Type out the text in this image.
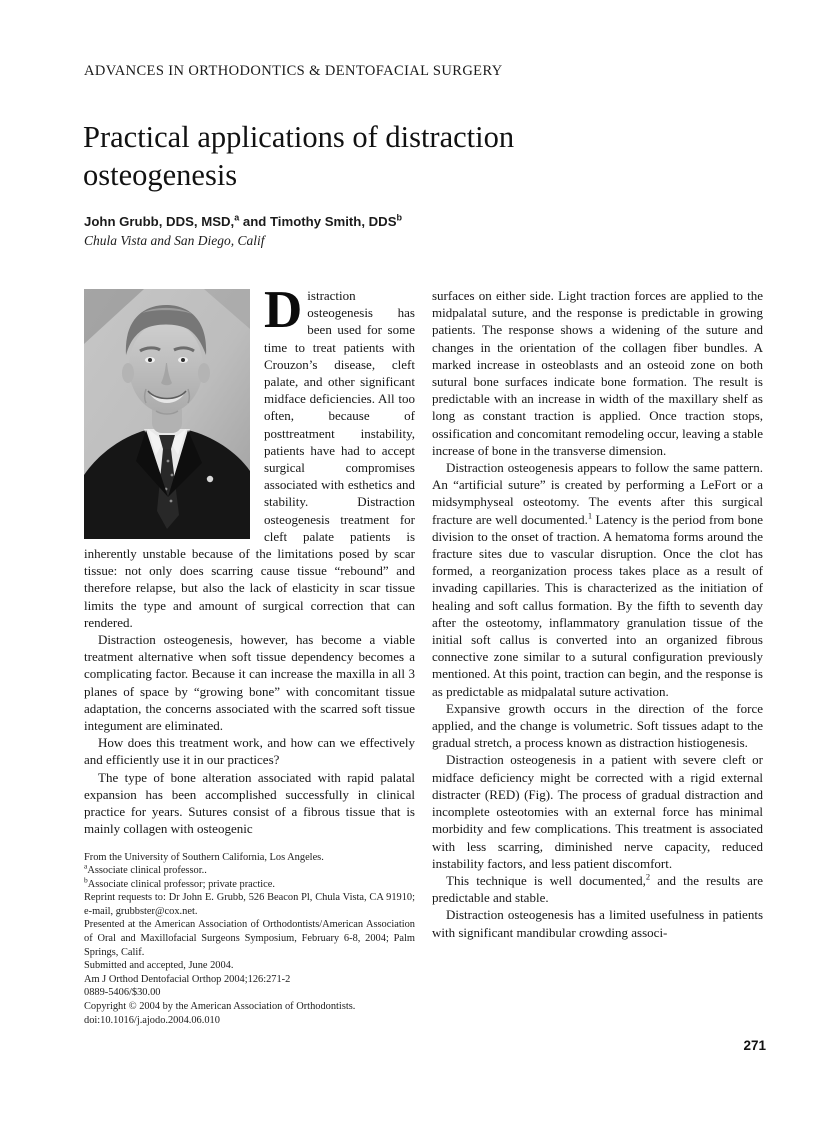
ADVANCES IN ORTHODONTICS & DENTOFACIAL SURGERY
Practical applications of distraction osteogenesis
John Grubb, DDS, MSD,$^a$ and Timothy Smith, DDS$^b$
Chula Vista and San Diego, Calif

Distraction osteogenesis has been used for some time to treat patients with Crouzon’s disease, cleft palate, and other significant midface deficiencies. All too often, because of posttreatment instability, patients have had to accept surgical compromises associated with esthetics and stability. Distraction osteogenesis treatment for cleft palate patients is inherently unstable because of the limitations posed by scar tissue: not only does scarring cause tissue “rebound” and therefore relapse, but also the lack of elasticity in scar tissue limits the type and amount of surgical correction that can rendered.

Distraction osteogenesis, however, has become a viable treatment alternative when soft tissue dependency becomes a complicating factor. Because it can increase the maxilla in all 3 planes of space by “growing bone” with concomitant tissue adaptation, the concerns associated with the scarred soft tissue integument are eliminated.

How does this treatment work, and how can we effectively and efficiently use it in our practices?

The type of bone alteration associated with rapid palatal expansion has been accomplished successfully in clinical practice for years. Sutures consist of a fibrous tissue that is mainly collagen with osteogenic

From the University of Southern California, Los Angeles.
$^a$Associate clinical professor..
$^b$Associate clinical professor; private practice.
Reprint requests to: Dr John E. Grubb, 526 Beacon Pl, Chula Vista, CA 91910; e-mail, grubbster@cox.net.
Presented at the American Association of Orthodontists/American Association of Oral and Maxillofacial Surgeons Symposium, February 6-8, 2004; Palm Springs, Calif.
Submitted and accepted, June 2004.
Am J Orthod Dentofacial Orthop 2004;126:271-2
0889-5406/$30.00
Copyright © 2004 by the American Association of Orthodontists.
doi:10.1016/j.ajodo.2004.06.010

surfaces on either side. Light traction forces are applied to the midpalatal suture, and the response is predictable in growing patients. The response shows a widening of the suture and changes in the orientation of the collagen fiber bundles. A marked increase in osteoblasts and an osteoid zone on both sutural bone surfaces indicate bone formation. The result is predictable with an increase in width of the maxillary shelf as long as constant traction is applied. Once traction stops, ossification and concomitant remodeling occur, leaving a stable increase of bone in the transverse dimension.

Distraction osteogenesis appears to follow the same pattern. An “artificial suture” is created by performing a LeFort or a midsymphyseal osteotomy. The events after this surgical fracture are well documented.$^1$ Latency is the period from bone division to the onset of traction. A hematoma forms around the fracture sites due to vascular disruption. Once the clot has formed, a reorganization process takes place as a result of invading capillaries. This is characterized as the initiation of healing and soft callus formation. By the fifth to seventh day after the osteotomy, inflammatory granulation tissue of the initial soft callus is converted into an organized fibrous connective zone similar to a sutural configuration previously mentioned. At this point, traction can begin, and the response is as predictable as midpalatal suture activation.

Expansive growth occurs in the direction of the force applied, and the change is volumetric. Soft tissues adapt to the gradual stretch, a process known as distraction histiogenesis.

Distraction osteogenesis in a patient with severe cleft or midface deficiency might be corrected with a rigid external distracter (RED) (Fig). The process of gradual distraction and incomplete osteotomies with an external force has minimal morbidity and few complications. This treatment is associated with less scarring, diminished nerve capacity, reduced instability factors, and less patient discomfort.

This technique is well documented,$^2$ and the results are predictable and stable.

Distraction osteogenesis has a limited usefulness in patients with significant mandibular crowding associ-

271
